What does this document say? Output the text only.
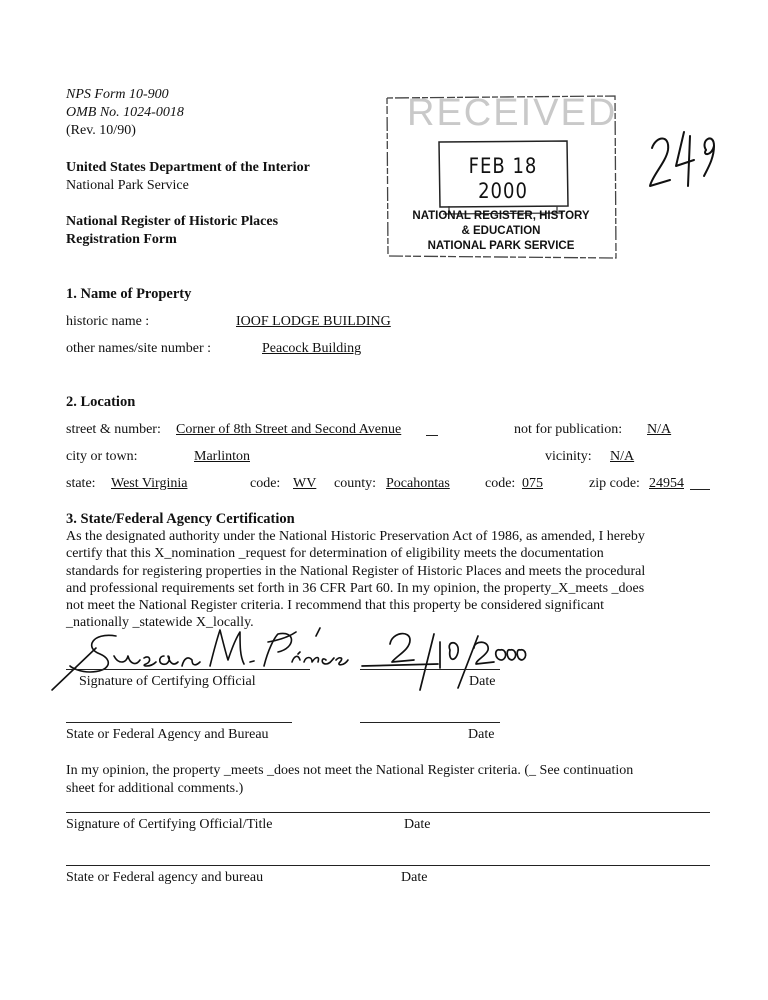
NPS Form 10-900
OMB No. 1024-0018
(Rev. 10/90)
United States Department of the Interior
National Park Service
National Register of Historic Places
Registration Form
RECEIVED
FEB 18 2000
NATIONAL REGISTER, HISTORY
& EDUCATION
NATIONAL PARK SERVICE
1. Name of Property
historic name :	IOOF LODGE BUILDING
other names/site number :	Peacock Building
2. Location
street & number: Corner of 8th Street and Second Avenue	not for publication: N/A
city or town:	Marlinton	vicinity: N/A
state: West Virginia	code: WV county: Pocahontas	code: 075	zip code: 24954
3. State/Federal Agency Certification
As the designated authority under the National Historic Preservation Act of 1986, as amended, I hereby
certify that this X_nomination _request for determination of eligibility meets the documentation
standards for registering properties in the National Register of Historic Places and meets the procedural
and professional requirements set forth in 36 CFR Part 60. In my opinion, the property_X_meets _does
not meet the National Register criteria. I recommend that this property be considered significant
_nationally _statewide X_locally.
Signature of Certifying Official	Date
State or Federal Agency and Bureau	Date
In my opinion, the property _meets _does not meet the National Register criteria. (_ See continuation
sheet for additional comments.)
Signature of Certifying Official/Title	Date
State or Federal agency and bureau	Date
